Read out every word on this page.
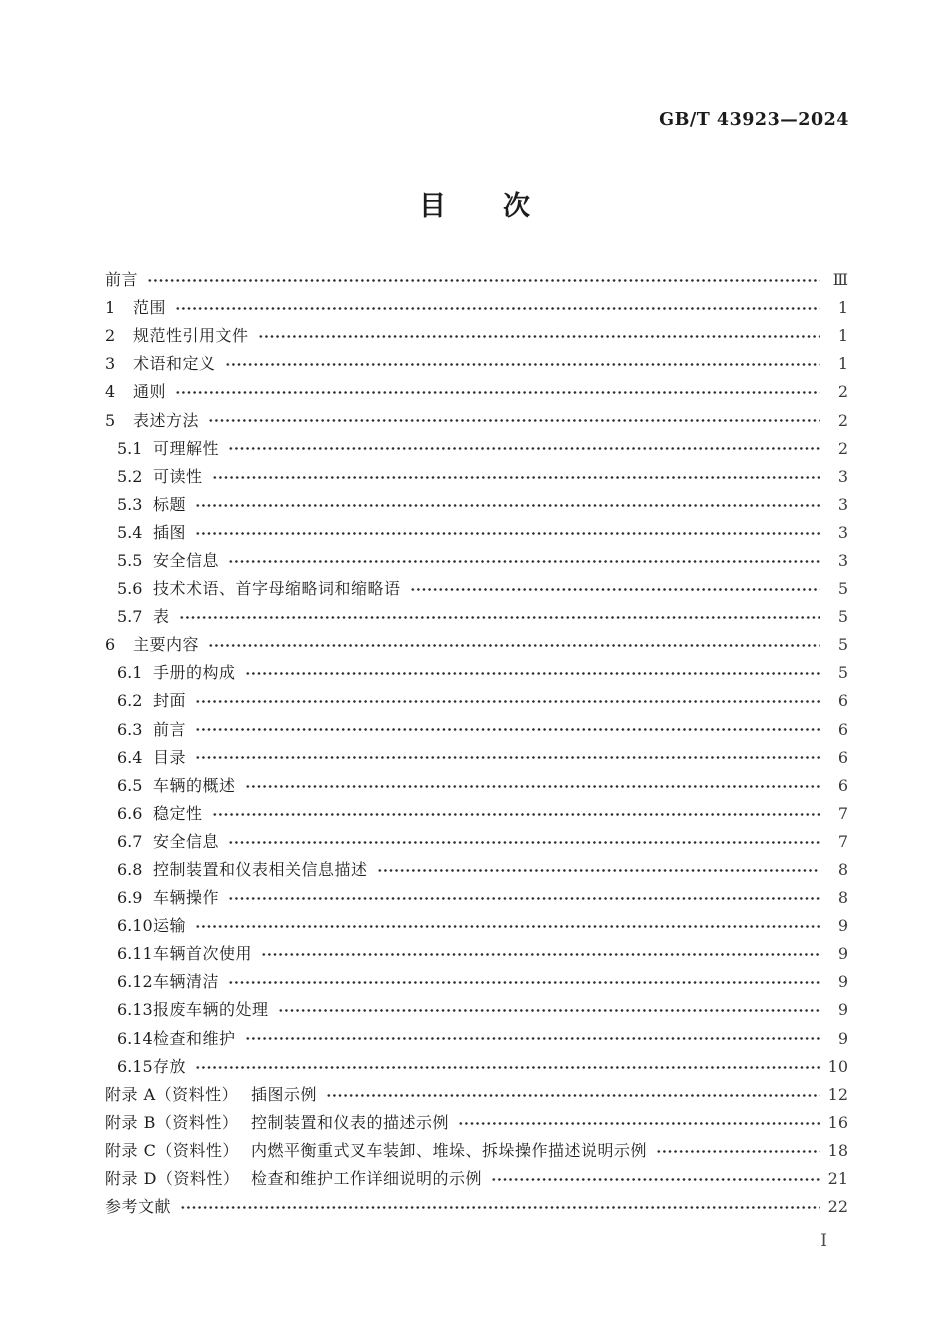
GB/T 43923—2024
目　　次
前言	Ⅲ
1	范围	1
2	规范性引用文件	1
3	术语和定义	1
4	通则	2
5	表述方法	2
5.1 可理解性	2
5.2 可读性	3
5.3 标题	3
5.4 插图	3
5.5 安全信息	3
5.6 技术术语、首字母缩略词和缩略语	5
5.7 表	5
6	主要内容	5
6.1 手册的构成	5
6.2 封面	6
6.3 前言	6
6.4 目录	6
6.5 车辆的概述	6
6.6 稳定性	7
6.7 安全信息	7
6.8 控制装置和仪表相关信息描述	8
6.9 车辆操作	8
6.10 运输	9
6.11 车辆首次使用	9
6.12 车辆清洁	9
6.13 报废车辆的处理	9
6.14 检查和维护	9
6.15 存放	10
附录 A（资料性） 插图示例	12
附录 B（资料性） 控制装置和仪表的描述示例	16
附录 C（资料性） 内燃平衡重式叉车装卸、堆垛、拆垛操作描述说明示例	18
附录 D（资料性） 检查和维护工作详细说明的示例	21
参考文献	22
Ⅰ
